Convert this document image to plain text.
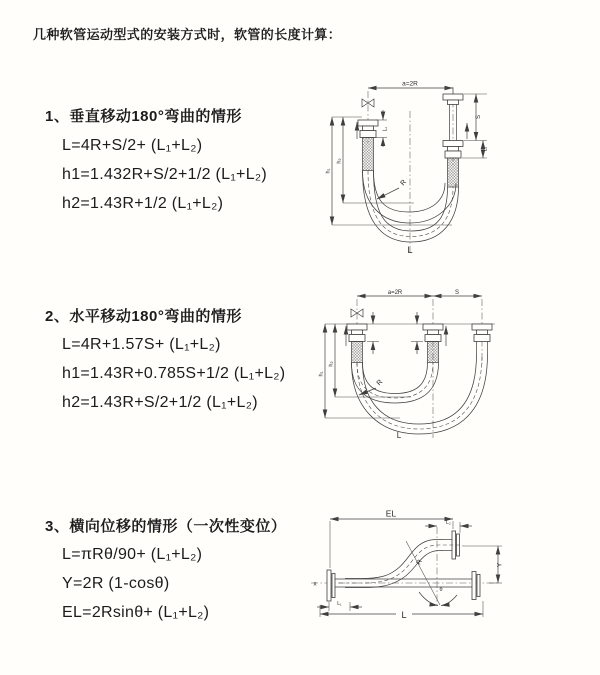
几种软管运动型式的安装方式时，软管的长度计算：
1、垂直移动180°弯曲的情形
L=4R+S/2+ (L₁+L₂)
h1=1.432R+S/2+1/2 (L₁+L₂)
h2=1.43R+1/2 (L₁+L₂)
a=2R
L₁
S
L₂
h₁
h₂
R
L
2、水平移动180°弯曲的情形
L=4R+1.57S+ (L₁+L₂)
h1=1.43R+0.785S+1/2 (L₁+L₂)
h2=1.43R+S/2+1/2 (L₁+L₂)
a=2R	S
h₁
h₂
R
L
3、横向位移的情形（一次性变位）
L=πRθ/90+ (L₁+L₂)
Y=2R (1-cosθ)
EL=2Rsinθ+ (L₁+L₂)
EL
L₂
Y
x
θ
R
L₁
L
